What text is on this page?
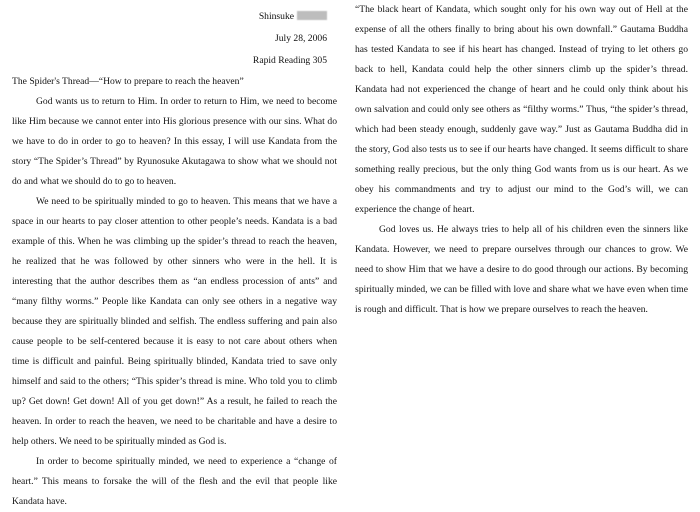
Shinsuke
July 28, 2006
Rapid Reading 305

The Spider's Thread—“How to prepare to reach the heaven”

God wants us to return to Him. In order to return to Him, we need to become like Him because we cannot enter into His glorious presence with our sins. What do we have to do in order to go to heaven? In this essay, I will use Kandata from the story “The Spider’s Thread” by Ryunosuke Akutagawa to show what we should not do and what we should do to go to heaven.

We need to be spiritually minded to go to heaven. This means that we have a space in our hearts to pay closer attention to other people’s needs. Kandata is a bad example of this. When he was climbing up the spider’s thread to reach the heaven, he realized that he was followed by other sinners who were in the hell. It is interesting that the author describes them as “an endless procession of ants” and “many filthy worms.” People like Kandata can only see others in a negative way because they are spiritually blinded and selfish. The endless suffering and pain also cause people to be self-centered because it is easy to not care about others when time is difficult and painful. Being spiritually blinded, Kandata tried to save only himself and said to the others; “This spider’s thread is mine. Who told you to climb up? Get down! Get down! All of you get down!” As a result, he failed to reach the heaven. In order to reach the heaven, we need to be charitable and have a desire to help others. We need to be spiritually minded as God is.

In order to become spiritually minded, we need to experience a “change of heart.” This means to forsake the will of the flesh and the evil that people like Kandata have.

“The black heart of Kandata, which sought only for his own way out of Hell at the expense of all the others finally to bring about his own downfall.” Gautama Buddha has tested Kandata to see if his heart has changed. Instead of trying to let others go back to hell, Kandata could help the other sinners climb up the spider’s thread. Kandata had not experienced the change of heart and he could only think about his own salvation and could only see others as “filthy worms.” Thus, “the spider’s thread, which had been steady enough, suddenly gave way.” Just as Gautama Buddha did in the story, God also tests us to see if our hearts have changed. It seems difficult to share something really precious, but the only thing God wants from us is our heart. As we obey his commandments and try to adjust our mind to the God’s will, we can experience the change of heart.

God loves us. He always tries to help all of his children even the sinners like Kandata. However, we need to prepare ourselves through our chances to grow. We need to show Him that we have a desire to do good through our actions. By becoming spiritually minded, we can be filled with love and share what we have even when time is rough and difficult. That is how we prepare ourselves to reach the heaven.
